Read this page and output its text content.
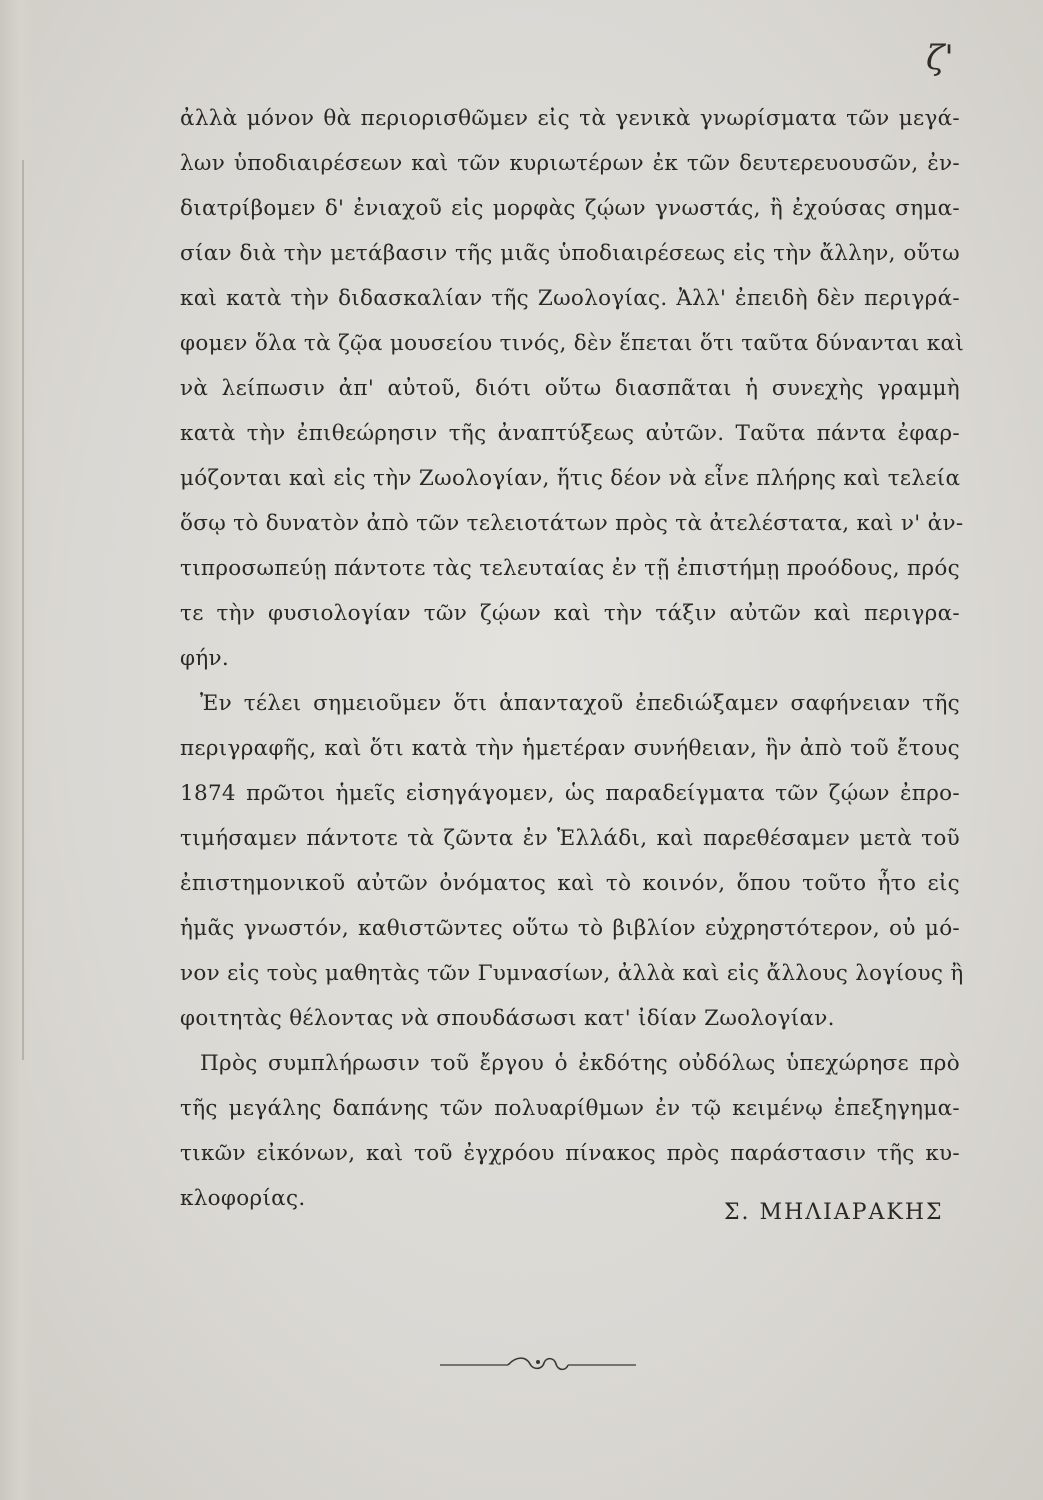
ζ'
ἀλλὰ μόνον θὰ περιορισθῶμεν εἰς τὰ γενικὰ γνωρίσματα τῶν μεγά-
λων ὑποδιαιρέσεων καὶ τῶν κυριωτέρων ἐκ τῶν δευτερευουσῶν, ἐν-
διατρίβομεν δ' ἐνιαχοῦ εἰς μορφὰς ζῴων γνωστάς, ἢ ἐχούσας σημα-
σίαν διὰ τὴν μετάβασιν τῆς μιᾶς ὑποδιαιρέσεως εἰς τὴν ἄλλην, οὕτω
καὶ κατὰ τὴν διδασκαλίαν τῆς Ζωολογίας. Ἀλλ' ἐπειδὴ δὲν περιγρά-
φομεν ὅλα τὰ ζῷα μουσείου τινός, δὲν ἕπεται ὅτι ταῦτα δύνανται καὶ
νὰ λείπωσιν ἀπ' αὐτοῦ, διότι οὕτω διασπᾶται ἡ συνεχὴς γραμμὴ
κατὰ τὴν ἐπιθεώρησιν τῆς ἀναπτύξεως αὐτῶν. Ταῦτα πάντα ἐφαρ-
μόζονται καὶ εἰς τὴν Ζωολογίαν, ἥτις δέον νὰ εἶνε πλήρης καὶ τελεία
ὅσῳ τὸ δυνατὸν ἀπὸ τῶν τελειοτάτων πρὸς τὰ ἀτελέστατα, καὶ ν' ἀν-
τιπροσωπεύῃ πάντοτε τὰς τελευταίας ἐν τῇ ἐπιστήμῃ προόδους, πρός
τε τὴν φυσιολογίαν τῶν ζῴων καὶ τὴν τάξιν αὐτῶν καὶ περιγρα-
φήν.
Ἐν τέλει σημειοῦμεν ὅτι ἁπανταχοῦ ἐπεδιώξαμεν σαφήνειαν τῆς
περιγραφῆς, καὶ ὅτι κατὰ τὴν ἡμετέραν συνήθειαν, ἣν ἀπὸ τοῦ ἔτους
1874 πρῶτοι ἡμεῖς εἰσηγάγομεν, ὡς παραδείγματα τῶν ζῴων ἐπρο-
τιμήσαμεν πάντοτε τὰ ζῶντα ἐν Ἑλλάδι, καὶ παρεθέσαμεν μετὰ τοῦ
ἐπιστημονικοῦ αὐτῶν ὀνόματος καὶ τὸ κοινόν, ὅπου τοῦτο ἦτο εἰς
ἡμᾶς γνωστόν, καθιστῶντες οὕτω τὸ βιβλίον εὐχρηστότερον, οὐ μό-
νον εἰς τοὺς μαθητὰς τῶν Γυμνασίων, ἀλλὰ καὶ εἰς ἄλλους λογίους ἢ
φοιτητὰς θέλοντας νὰ σπουδάσωσι κατ' ἰδίαν Ζωολογίαν.
Πρὸς συμπλήρωσιν τοῦ ἔργου ὁ ἐκδότης οὐδόλως ὑπεχώρησε πρὸ
τῆς μεγάλης δαπάνης τῶν πολυαρίθμων ἐν τῷ κειμένῳ ἐπεξηγημα-
τικῶν εἰκόνων, καὶ τοῦ ἐγχρόου πίνακος πρὸς παράστασιν τῆς κυ-
κλοφορίας.
Σ. ΜΗΛΙΑΡΑΚΗΣ
